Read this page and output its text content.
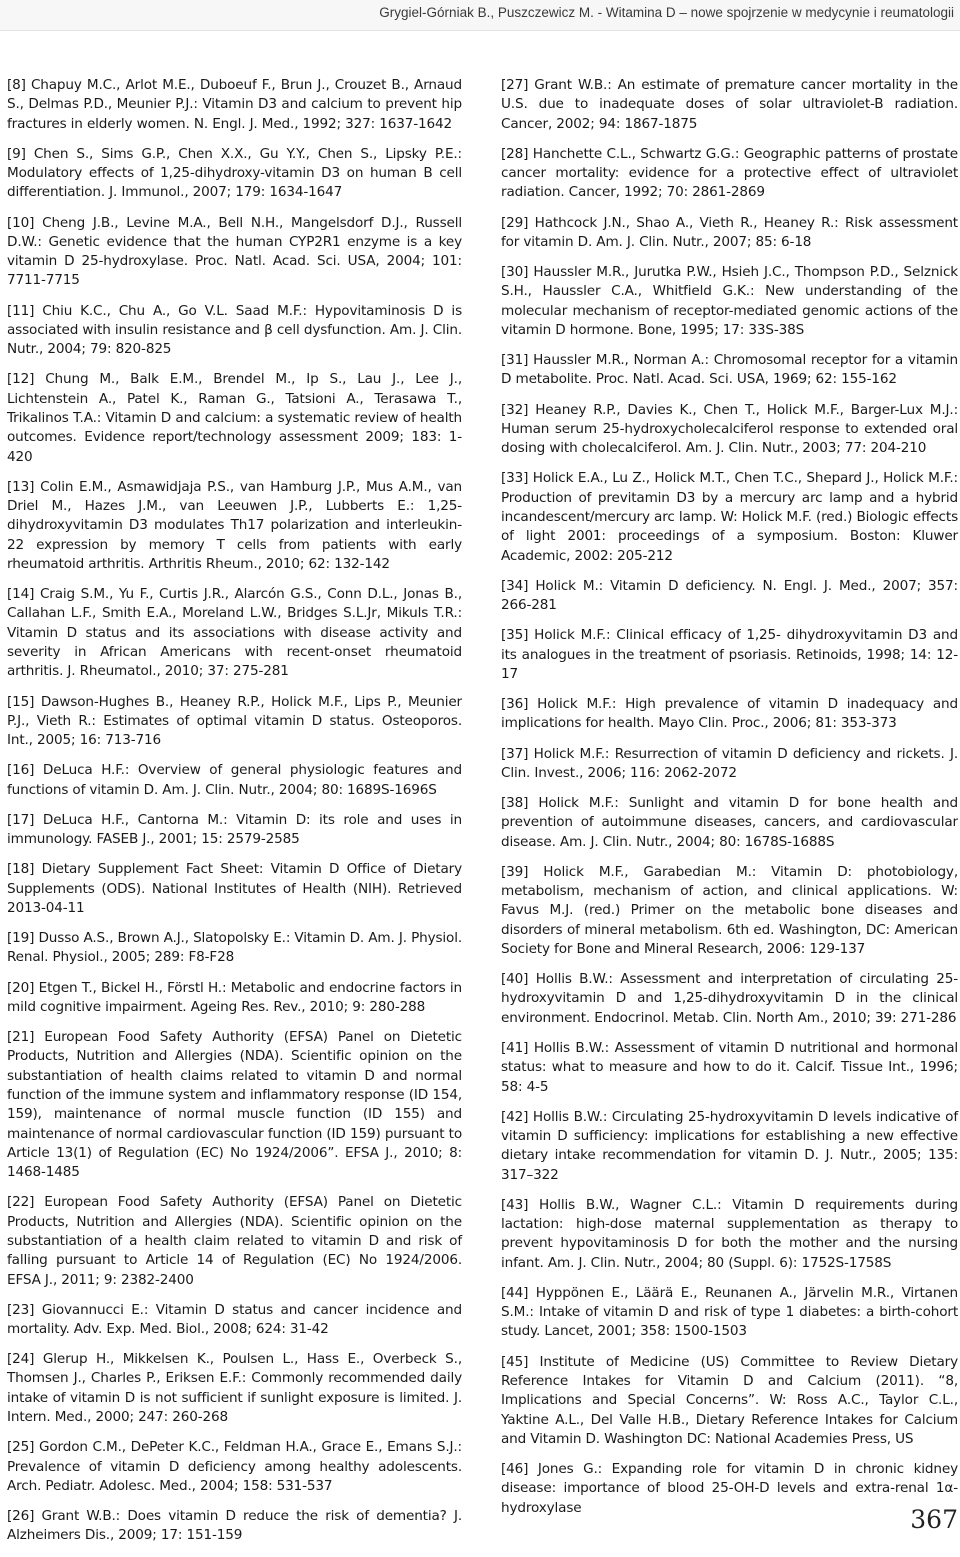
Grygiel-Górniak B., Puszczewicz M. - Witamina D – nowe spojrzenie w medycynie i reumatologii

[8] Chapuy M.C., Arlot M.E., Duboeuf F., Brun J., Crouzet B., Arnaud S., Delmas P.D., Meunier P.J.: Vitamin D3 and calcium to prevent hip fractures in elderly women. N. Engl. J. Med., 1992; 327: 1637-1642

[9] Chen S., Sims G.P., Chen X.X., Gu Y.Y., Chen S., Lipsky P.E.: Modulatory effects of 1,25-dihydroxy-vitamin D3 on human B cell differentiation. J. Immunol., 2007; 179: 1634-1647

[10] Cheng J.B., Levine M.A., Bell N.H., Mangelsdorf D.J., Russell D.W.: Genetic evidence that the human CYP2R1 enzyme is a key vitamin D 25-hydroxylase. Proc. Natl. Acad. Sci. USA, 2004; 101: 7711-7715

[11] Chiu K.C., Chu A., Go V.L. Saad M.F.: Hypovitaminosis D is associated with insulin resistance and β cell dysfunction. Am. J. Clin. Nutr., 2004; 79: 820-825

[12] Chung M., Balk E.M., Brendel M., Ip S., Lau J., Lee J., Lichtenstein A., Patel K., Raman G., Tatsioni A., Terasawa T., Trikalinos T.A.: Vitamin D and calcium: a systematic review of health outcomes. Evidence report/technology assessment 2009; 183: 1-420

[13] Colin E.M., Asmawidjaja P.S., van Hamburg J.P., Mus A.M., van Driel M., Hazes J.M., van Leeuwen J.P., Lubberts E.: 1,25-dihydroxyvitamin D3 modulates Th17 polarization and interleukin-22 expression by memory T cells from patients with early rheumatoid arthritis. Arthritis Rheum., 2010; 62: 132-142

[14] Craig S.M., Yu F., Curtis J.R., Alarcón G.S., Conn D.L., Jonas B., Callahan L.F., Smith E.A., Moreland L.W., Bridges S.L.Jr, Mikuls T.R.: Vitamin D status and its associations with disease activity and severity in African Americans with recent-onset rheumatoid arthritis. J. Rheumatol., 2010; 37: 275-281

[15] Dawson-Hughes B., Heaney R.P., Holick M.F., Lips P., Meunier P.J., Vieth R.: Estimates of optimal vitamin D status. Osteoporos. Int., 2005; 16: 713-716

[16] DeLuca H.F.: Overview of general physiologic features and functions of vitamin D. Am. J. Clin. Nutr., 2004; 80: 1689S-1696S

[17] DeLuca H.F., Cantorna M.: Vitamin D: its role and uses in immunology. FASEB J., 2001; 15: 2579-2585

[18] Dietary Supplement Fact Sheet: Vitamin D Office of Dietary Supplements (ODS). National Institutes of Health (NIH). Retrieved 2013-04-11

[19] Dusso A.S., Brown A.J., Slatopolsky E.: Vitamin D. Am. J. Physiol. Renal. Physiol., 2005; 289: F8-F28

[20] Etgen T., Bickel H., Förstl H.: Metabolic and endocrine factors in mild cognitive impairment. Ageing Res. Rev., 2010; 9: 280-288

[21] European Food Safety Authority (EFSA) Panel on Dietetic Products, Nutrition and Allergies (NDA). Scientific opinion on the substantiation of health claims related to vitamin D and normal function of the immune system and inflammatory response (ID 154, 159), maintenance of normal muscle function (ID 155) and maintenance of normal cardiovascular function (ID 159) pursuant to Article 13(1) of Regulation (EC) No 1924/2006”. EFSA J., 2010; 8: 1468-1485

[22] European Food Safety Authority (EFSA) Panel on Dietetic Products, Nutrition and Allergies (NDA). Scientific opinion on the substantiation of a health claim related to vitamin D and risk of falling pursuant to Article 14 of Regulation (EC) No 1924/2006. EFSA J., 2011; 9: 2382-2400

[23] Giovannucci E.: Vitamin D status and cancer incidence and mortality. Adv. Exp. Med. Biol., 2008; 624: 31-42

[24] Glerup H., Mikkelsen K., Poulsen L., Hass E., Overbeck S., Thomsen J., Charles P., Eriksen E.F.: Commonly recommended daily intake of vitamin D is not sufficient if sunlight exposure is limited. J. Intern. Med., 2000; 247: 260-268

[25] Gordon C.M., DePeter K.C., Feldman H.A., Grace E., Emans S.J.: Prevalence of vitamin D deficiency among healthy adolescents. Arch. Pediatr. Adolesc. Med., 2004; 158: 531-537

[26] Grant W.B.: Does vitamin D reduce the risk of dementia? J. Alzheimers Dis., 2009; 17: 151-159

[27] Grant W.B.: An estimate of premature cancer mortality in the U.S. due to inadequate doses of solar ultraviolet-B radiation. Cancer, 2002; 94: 1867-1875

[28] Hanchette C.L., Schwartz G.G.: Geographic patterns of prostate cancer mortality: evidence for a protective effect of ultraviolet radiation. Cancer, 1992; 70: 2861-2869

[29] Hathcock J.N., Shao A., Vieth R., Heaney R.: Risk assessment for vitamin D. Am. J. Clin. Nutr., 2007; 85: 6-18

[30] Haussler M.R., Jurutka P.W., Hsieh J.C., Thompson P.D., Selznick S.H., Haussler C.A., Whitfield G.K.: New understanding of the molecular mechanism of receptor-mediated genomic actions of the vitamin D hormone. Bone, 1995; 17: 33S-38S

[31] Haussler M.R., Norman A.: Chromosomal receptor for a vitamin D metabolite. Proc. Natl. Acad. Sci. USA, 1969; 62: 155-162

[32] Heaney R.P., Davies K., Chen T., Holick M.F., Barger-Lux M.J.: Human serum 25-hydroxycholecalciferol response to extended oral dosing with cholecalciferol. Am. J. Clin. Nutr., 2003; 77: 204-210

[33] Holick E.A., Lu Z., Holick M.T., Chen T.C., Shepard J., Holick M.F.: Production of previtamin D3 by a mercury arc lamp and a hybrid incandescent/mercury arc lamp. W: Holick M.F. (red.) Biologic effects of light 2001: proceedings of a symposium. Boston: Kluwer Academic, 2002: 205-212

[34] Holick M.: Vitamin D deficiency. N. Engl. J. Med., 2007; 357: 266-281

[35] Holick M.F.: Clinical efficacy of 1,25- dihydroxyvitamin D3 and its analogues in the treatment of psoriasis. Retinoids, 1998; 14: 12-17

[36] Holick M.F.: High prevalence of vitamin D inadequacy and implications for health. Mayo Clin. Proc., 2006; 81: 353-373

[37] Holick M.F.: Resurrection of vitamin D deficiency and rickets. J. Clin. Invest., 2006; 116: 2062-2072

[38] Holick M.F.: Sunlight and vitamin D for bone health and prevention of autoimmune diseases, cancers, and cardiovascular disease. Am. J. Clin. Nutr., 2004; 80: 1678S-1688S

[39] Holick M.F., Garabedian M.: Vitamin D: photobiology, metabolism, mechanism of action, and clinical applications. W: Favus M.J. (red.) Primer on the metabolic bone diseases and disorders of mineral metabolism. 6th ed. Washington, DC: American Society for Bone and Mineral Research, 2006: 129-137

[40] Hollis B.W.: Assessment and interpretation of circulating 25-hydroxyvitamin D and 1,25-dihydroxyvitamin D in the clinical environment. Endocrinol. Metab. Clin. North Am., 2010; 39: 271-286

[41] Hollis B.W.: Assessment of vitamin D nutritional and hormonal status: what to measure and how to do it. Calcif. Tissue Int., 1996; 58: 4-5

[42] Hollis B.W.: Circulating 25-hydroxyvitamin D levels indicative of vitamin D sufficiency: implications for establishing a new effective dietary intake recommendation for vitamin D. J. Nutr., 2005; 135: 317–322

[43] Hollis B.W., Wagner C.L.: Vitamin D requirements during lactation: high-dose maternal supplementation as therapy to prevent hypovitaminosis D for both the mother and the nursing infant. Am. J. Clin. Nutr., 2004; 80 (Suppl. 6): 1752S-1758S

[44] Hyppönen E., Läärä E., Reunanen A., Järvelin M.R., Virtanen S.M.: Intake of vitamin D and risk of type 1 diabetes: a birth-cohort study. Lancet, 2001; 358: 1500-1503

[45] Institute of Medicine (US) Committee to Review Dietary Reference Intakes for Vitamin D and Calcium (2011). “8, Implications and Special Concerns”. W: Ross A.C., Taylor C.L., Yaktine A.L., Del Valle H.B., Dietary Reference Intakes for Calcium and Vitamin D. Washington DC: National Academies Press, US

[46] Jones G.: Expanding role for vitamin D in chronic kidney disease: importance of blood 25-OH-D levels and extra-renal 1α-hydroxylase	367
